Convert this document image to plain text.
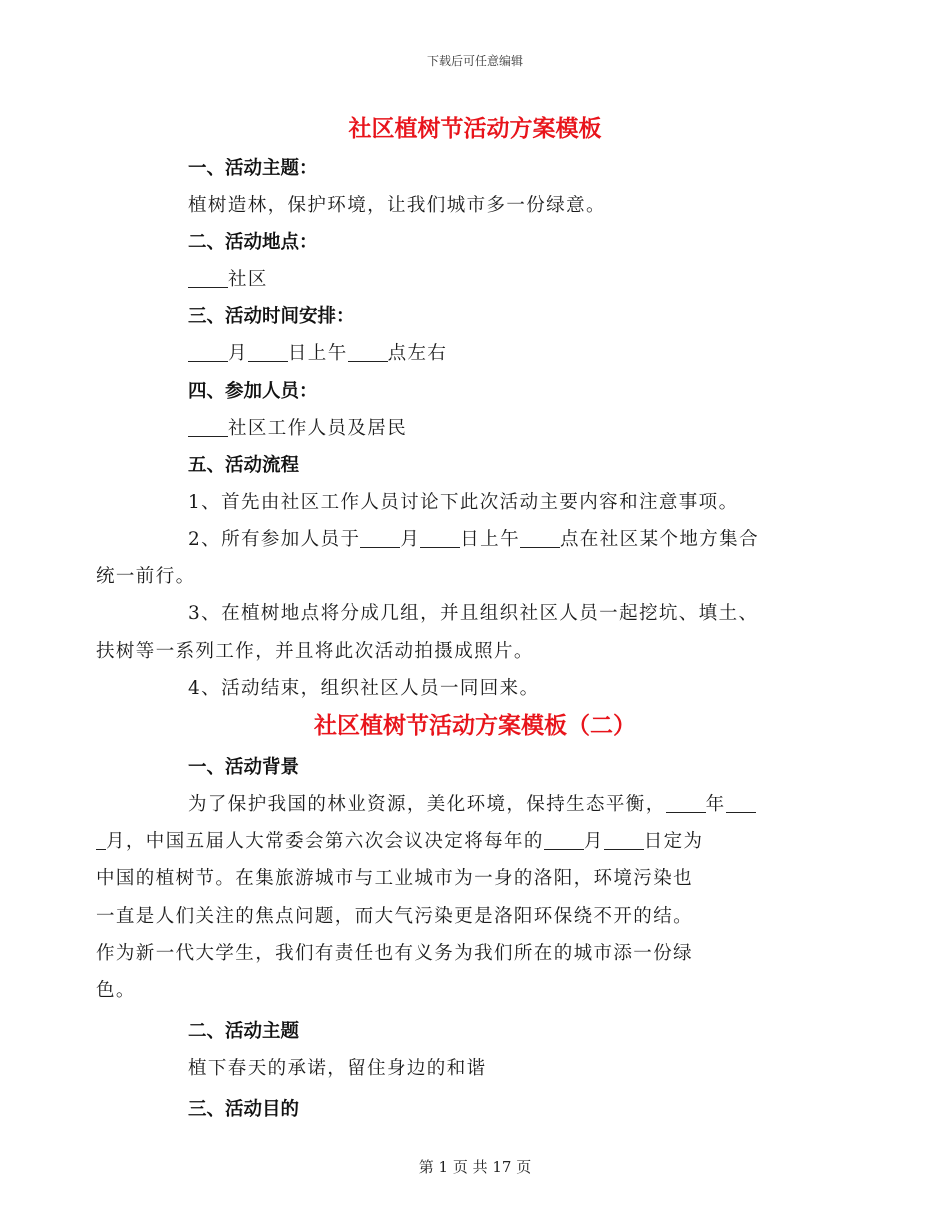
下载后可任意编辑
社区植树节活动方案模板
一、活动主题：
植树造林，保护环境，让我们城市多一份绿意。
二、活动地点：
社区
三、活动时间安排：
月 日上午 点左右
四、参加人员：
社区工作人员及居民
五、活动流程
1、首先由社区工作人员讨论下此次活动主要内容和注意事项。
2、所有参加人员于 月 日上午 点在社区某个地方集合
统一前行。
3、在植树地点将分成几组，并且组织社区人员一起挖坑、填土、
扶树等一系列工作，并且将此次活动拍摄成照片。
4、活动结束，组织社区人员一同回来。
社区植树节活动方案模板（二）
一、活动背景
为了保护我国的林业资源，美化环境，保持生态平衡， 年
月，中国五届人大常委会第六次会议决定将每年的 月 日定为
中国的植树节。在集旅游城市与工业城市为一身的洛阳，环境污染也
一直是人们关注的焦点问题，而大气污染更是洛阳环保绕不开的结。
作为新一代大学生，我们有责任也有义务为我们所在的城市添一份绿
色。
二、活动主题
植下春天的承诺，留住身边的和谐
三、活动目的
第 1 页 共 17 页
